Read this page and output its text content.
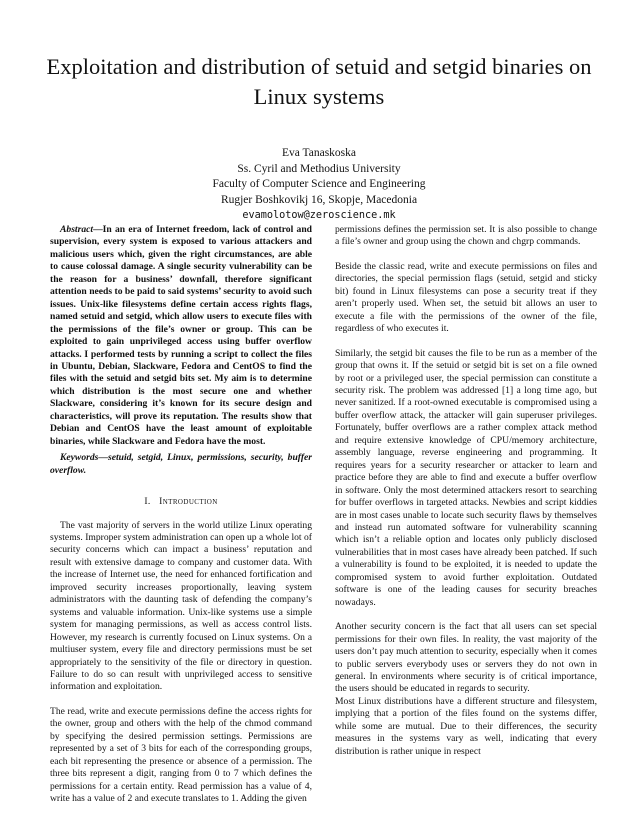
Exploitation and distribution of setuid and setgid binaries on Linux systems
Eva Tanaskoska
Ss. Cyril and Methodius University
Faculty of Computer Science and Engineering
Rugjer Boshkovikj 16, Skopje, Macedonia
evamolotow@zeroscience.mk

Abstract—In an era of Internet freedom, lack of control and supervision, every system is exposed to various attackers and malicious users which, given the right circumstances, are able to cause colossal damage. A single security vulnerability can be the reason for a business’ downfall, therefore significant attention needs to be paid to said systems’ security to avoid such issues. Unix-like filesystems define certain access rights flags, named setuid and setgid, which allow users to execute files with the permissions of the file’s owner or group. This can be exploited to gain unprivileged access using buffer overflow attacks. I performed tests by running a script to collect the files in Ubuntu, Debian, Slackware, Fedora and CentOS to find the files with the setuid and setgid bits set. My aim is to determine which distribution is the most secure one and whether Slackware, considering it’s known for its secure design and characteristics, will prove its reputation. The results show that Debian and CentOS have the least amount of exploitable binaries, while Slackware and Fedora have the most.

Keywords—setuid, setgid, Linux, permissions, security, buffer overflow.

I. Introduction

The vast majority of servers in the world utilize Linux operating systems. Improper system administration can open up a whole lot of security concerns which can impact a business’ reputation and result with extensive damage to company and customer data. With the increase of Internet use, the need for enhanced fortification and improved security increases proportionally, leaving system administrators with the daunting task of defending the company’s systems and valuable information. Unix-like systems use a simple system for managing permissions, as well as access control lists. However, my research is currently focused on Linux systems. On a multiuser system, every file and directory permissions must be set appropriately to the sensitivity of the file or directory in question. Failure to do so can result with unprivileged access to sensitive information and exploitation.

The read, write and execute permissions define the access rights for the owner, group and others with the help of the chmod command by specifying the desired permission settings. Permissions are represented by a set of 3 bits for each of the corresponding groups, each bit representing the presence or absence of a permission. The three bits represent a digit, ranging from 0 to 7 which defines the permissions for a certain entity. Read permission has a value of 4, write has a value of 2 and execute translates to 1. Adding the given

permissions defines the permission set. It is also possible to change a file’s owner and group using the chown and chgrp commands.

Beside the classic read, write and execute permissions on files and directories, the special permission flags (setuid, setgid and sticky bit) found in Linux filesystems can pose a security treat if they aren’t properly used. When set, the setuid bit allows an user to execute a file with the permissions of the owner of the file, regardless of who executes it.

Similarly, the setgid bit causes the file to be run as a member of the group that owns it. If the setuid or setgid bit is set on a file owned by root or a privileged user, the special permission can constitute a security risk. The problem was addressed [1] a long time ago, but never sanitized. If a root-owned executable is compromised using a buffer overflow attack, the attacker will gain superuser privileges. Fortunately, buffer overflows are a rather complex attack method and require extensive knowledge of CPU/memory architecture, assembly language, reverse engineering and programming. It requires years for a security researcher or attacker to learn and practice before they are able to find and execute a buffer overflow in software. Only the most determined attackers resort to searching for buffer overflows in targeted attacks. Newbies and script kiddies are in most cases unable to locate such security flaws by themselves and instead run automated software for vulnerability scanning which isn’t a reliable option and locates only publicly disclosed vulnerabilities that in most cases have already been patched. If such a vulnerability is found to be exploited, it is needed to update the compromised system to avoid further exploitation. Outdated software is one of the leading causes for security breaches nowadays.

Another security concern is the fact that all users can set special permissions for their own files. In reality, the vast majority of the users don’t pay much attention to security, especially when it comes to public servers everybody uses or servers they do not own in general. In environments where security is of critical importance, the users should be educated in regards to security.

Most Linux distributions have a different structure and filesystem, implying that a portion of the files found on the systems differ, while some are mutual. Due to their differences, the security measures in the systems vary as well, indicating that every distribution is rather unique in respect
